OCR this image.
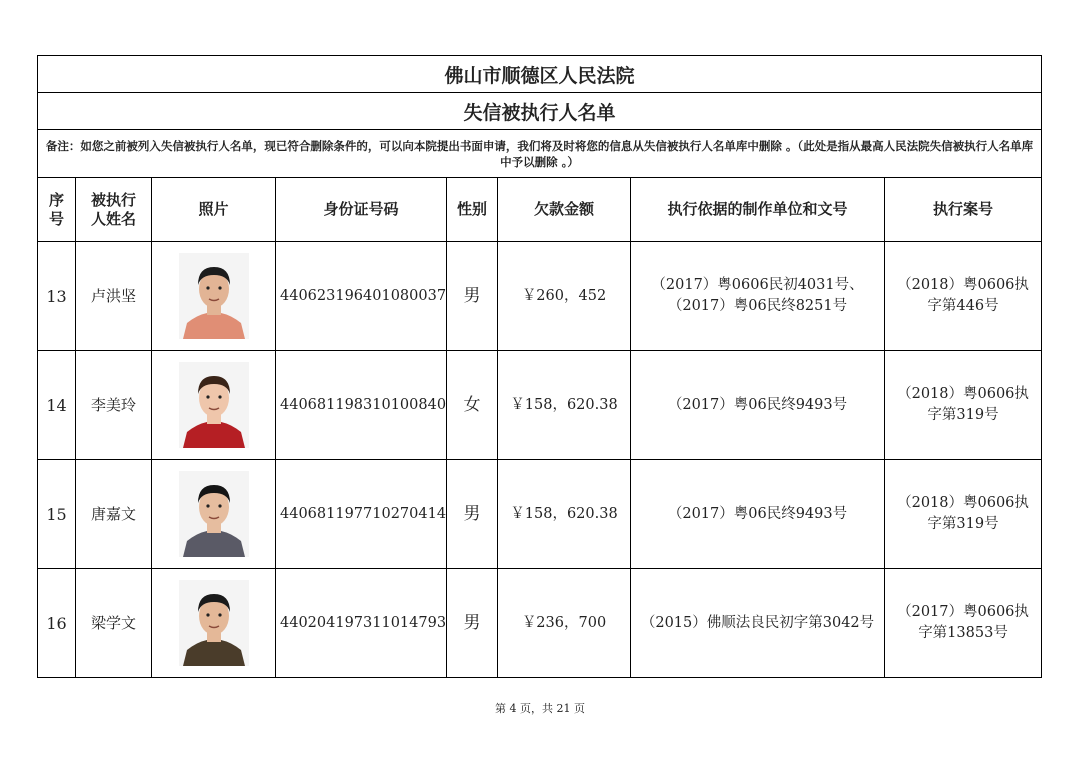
佛山市顺德区人民法院							
失信被执行人名单							

备注：如您之前被列入失信被执行人名单，现已符合删除条件的，可以向本院提出书面申请，我们将及时将您的信息从失信被执行人名单库中删除 。（此处是指从最高人民法院失信被执行人名单库中予以删除 。）							

序号	被执行人姓名	照片	身份证号码	性别	欠款金额	执行依据的制作单位和文号	执行案号
13	卢洪坚		440623196401080037	男	￥260，452	（2017）粤0606民初4031号、（2017）粤06民终8251号	（2018）粤0606执字第446号
14	李美玲		440681198310100840	女	￥158，620.38	（2017）粤06民终9493号	（2018）粤0606执字第319号
15	唐嘉文		440681197710270414	男	￥158，620.38	（2017）粤06民终9493号	（2018）粤0606执字第319号
16	梁学文		440204197311014793	男	￥236，700	（2015）佛顺法良民初字第3042号	（2017）粤0606执字第13853号
第 4 页，共 21 页
